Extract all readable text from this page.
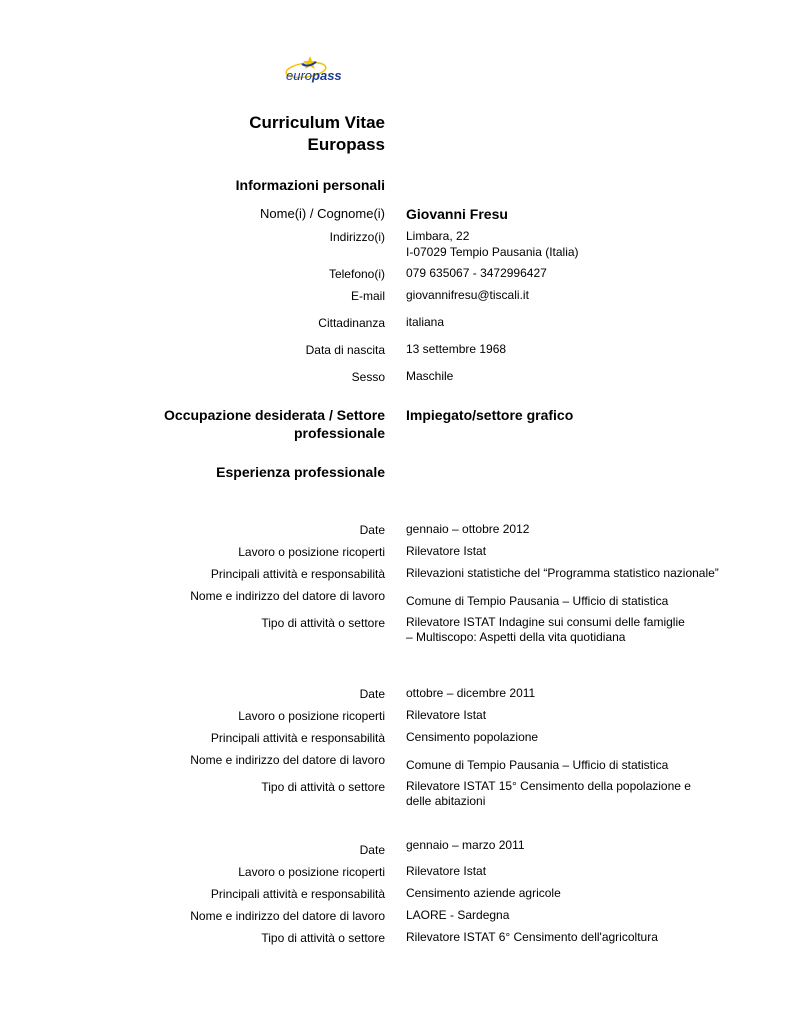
europass
Curriculum Vitae
Europass
Informazioni personali
Nome(i) / Cognome(i) Giovanni Fresu
Indirizzo(i) Limbara, 22
I-07029 Tempio Pausania (Italia)
Telefono(i) 079 635067 - 3472996427
E-mail giovannifresu@tiscali.it
Cittadinanza italiana
Data di nascita 13 settembre 1968
Sesso Maschile
Occupazione desiderata / Settore
professionale
Impiegato/settore grafico
Esperienza professionale
Date gennaio – ottobre 2012
Lavoro o posizione ricoperti Rilevatore Istat
Principali attività e responsabilità Rilevazioni statistiche del “Programma statistico nazionale”
Nome e indirizzo del datore di lavoro Comune di Tempio Pausania – Ufficio di statistica
Tipo di attività o settore Rilevatore ISTAT Indagine sui consumi delle famiglie – Multiscopo: Aspetti della vita quotidiana
Date ottobre – dicembre 2011
Lavoro o posizione ricoperti Rilevatore Istat
Principali attività e responsabilità Censimento popolazione
Nome e indirizzo del datore di lavoro Comune di Tempio Pausania – Ufficio di statistica
Tipo di attività o settore Rilevatore ISTAT 15° Censimento della popolazione e delle abitazioni
Date gennaio – marzo 2011
Lavoro o posizione ricoperti Rilevatore Istat
Principali attività e responsabilità Censimento aziende agricole
Nome e indirizzo del datore di lavoro LAORE - Sardegna
Tipo di attività o settore Rilevatore ISTAT 6° Censimento dell'agricoltura
